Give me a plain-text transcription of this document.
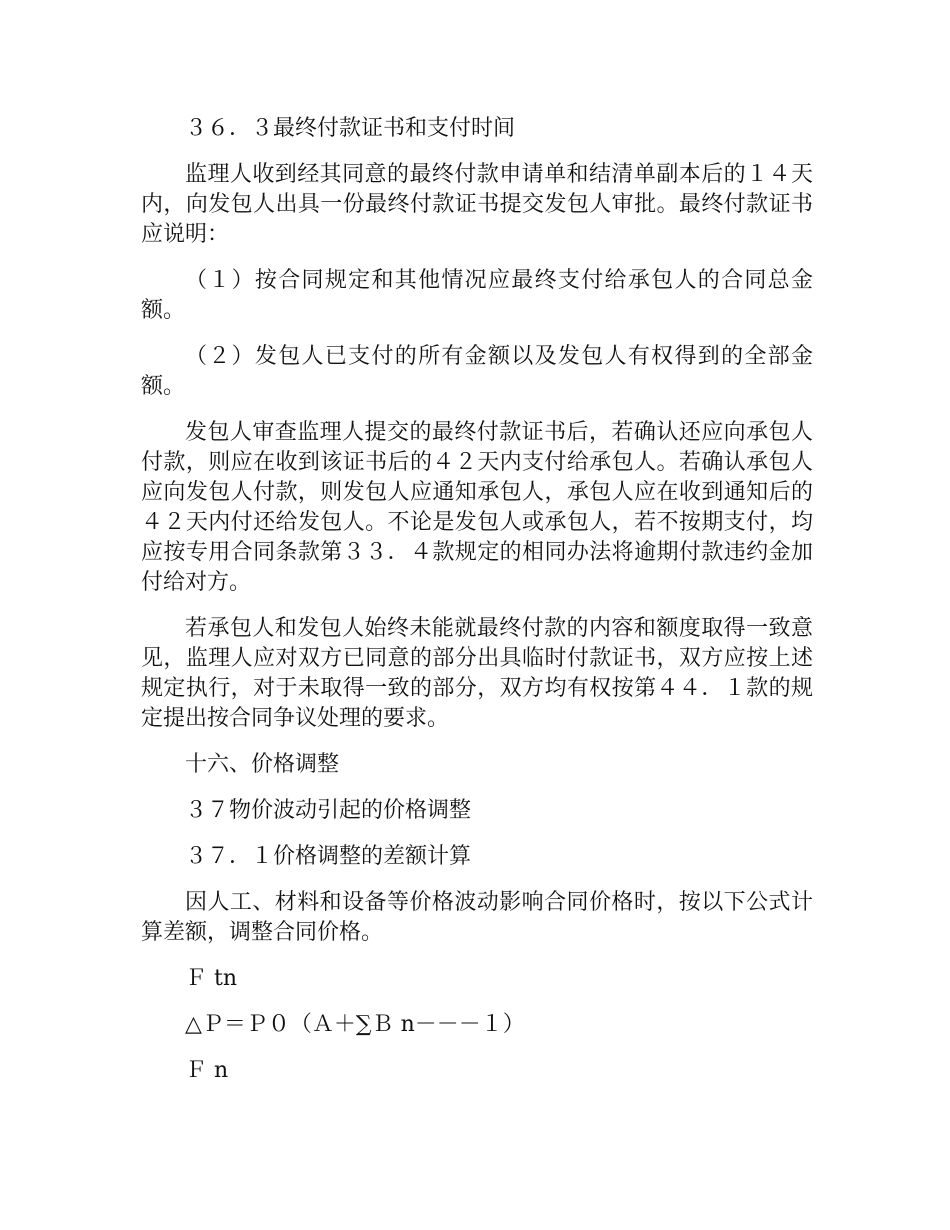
３６．３最终付款证书和支付时间

监理人收到经其同意的最终付款申请单和结清单副本后的１４天内，向发包人出具一份最终付款证书提交发包人审批。最终付款证书应说明：

（１）按合同规定和其他情况应最终支付给承包人的合同总金额。

（２）发包人已支付的所有金额以及发包人有权得到的全部金额。

发包人审查监理人提交的最终付款证书后，若确认还应向承包人付款，则应在收到该证书后的４２天内支付给承包人。若确认承包人应向发包人付款，则发包人应通知承包人，承包人应在收到通知后的４２天内付还给发包人。不论是发包人或承包人，若不按期支付，均应按专用合同条款第３３．４款规定的相同办法将逾期付款违约金加付给对方。

若承包人和发包人始终未能就最终付款的内容和额度取得一致意见，监理人应对双方已同意的部分出具临时付款证书，双方应按上述规定执行，对于未取得一致的部分，双方均有权按第４４．１款的规定提出按合同争议处理的要求。

十六、价格调整

３７物价波动引起的价格调整

３７．１价格调整的差额计算

因人工、材料和设备等价格波动影响合同价格时，按以下公式计算差额，调整合同价格。

Ｆ tn

△Ｐ＝Ｐ０（Ａ＋∑Ｂ n－－－１）

Ｆ n
